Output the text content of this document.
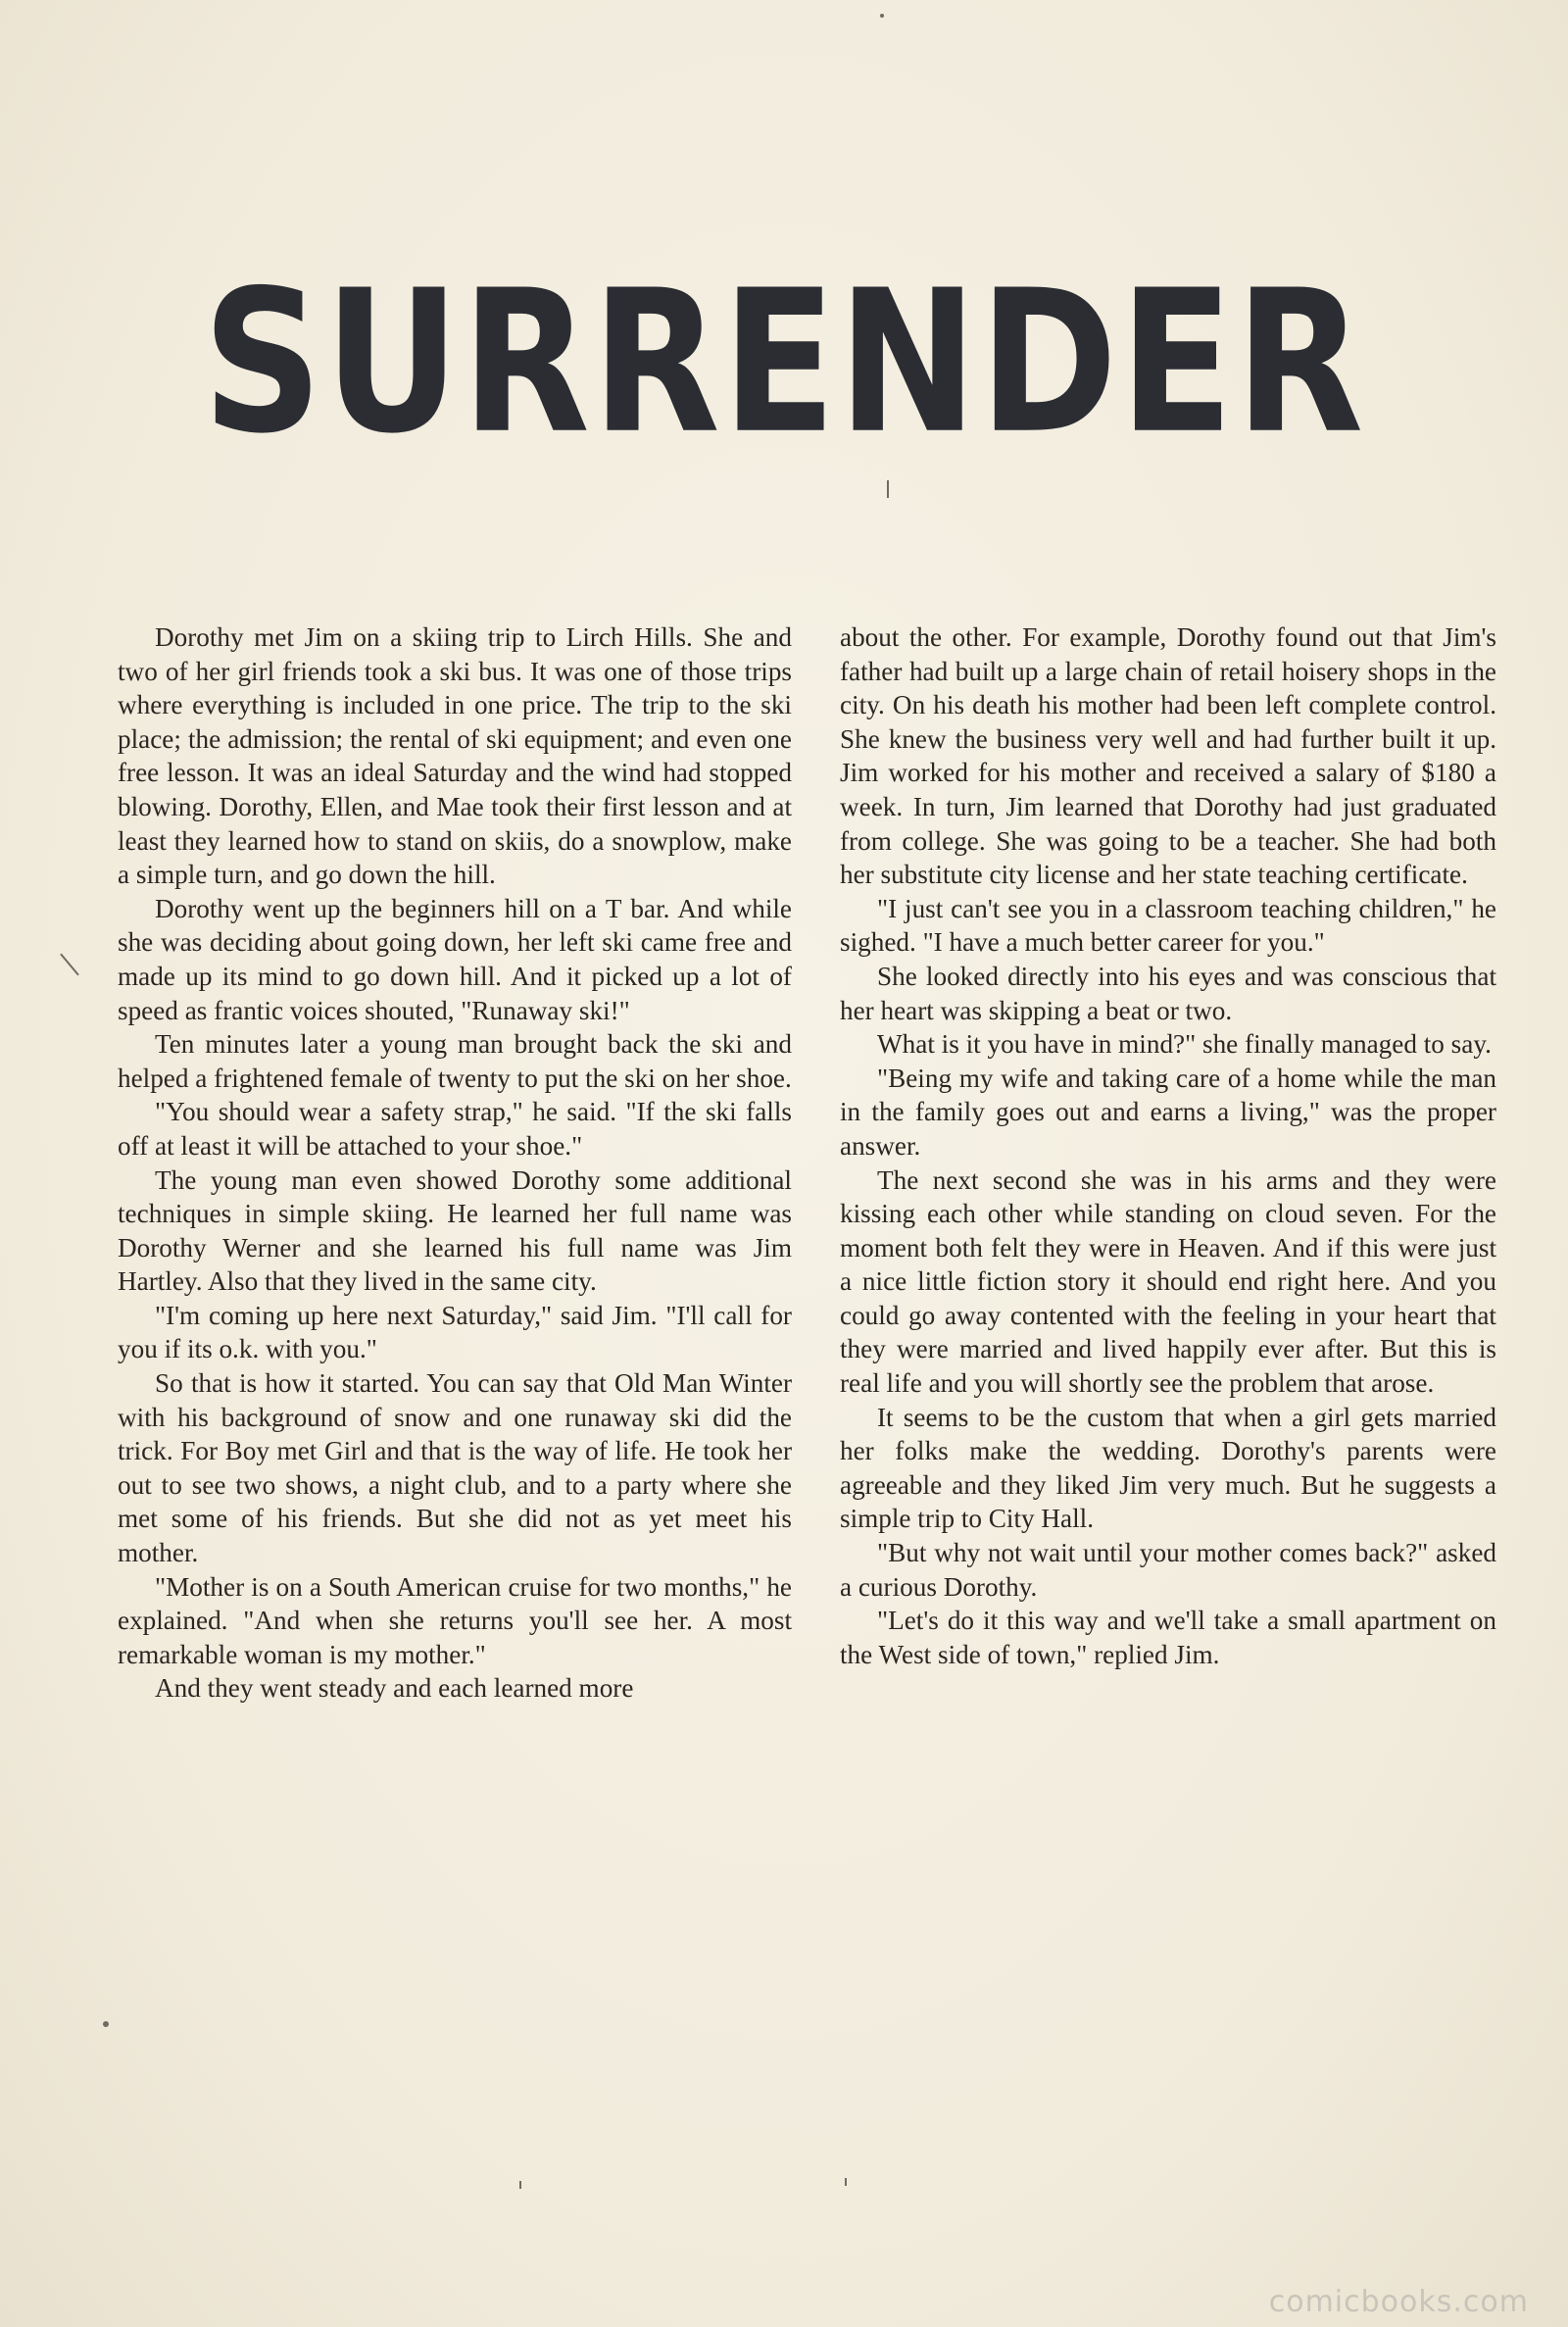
SURRENDER

Dorothy met Jim on a skiing trip to Lirch Hills. She and two of her girl friends took a ski bus. It was one of those trips where everything is included in one price. The trip to the ski place; the admission; the rental of ski equipment; and even one free lesson. It was an ideal Saturday and the wind had stopped blowing. Dorothy, Ellen, and Mae took their first lesson and at least they learned how to stand on skiis, do a snowplow, make a simple turn, and go down the hill.

Dorothy went up the beginners hill on a T bar. And while she was deciding about going down, her left ski came free and made up its mind to go down hill. And it picked up a lot of speed as frantic voices shouted, "Runaway ski!"

Ten minutes later a young man brought back the ski and helped a frightened female of twenty to put the ski on her shoe.

"You should wear a safety strap," he said. "If the ski falls off at least it will be attached to your shoe."

The young man even showed Dorothy some additional techniques in simple skiing. He learned her full name was Dorothy Werner and she learned his full name was Jim Hartley. Also that they lived in the same city.

"I'm coming up here next Saturday," said Jim. "I'll call for you if its o.k. with you."

So that is how it started. You can say that Old Man Winter with his background of snow and one runaway ski did the trick. For Boy met Girl and that is the way of life. He took her out to see two shows, a night club, and to a party where she met some of his friends. But she did not as yet meet his mother.

"Mother is on a South American cruise for two months," he explained. "And when she returns you'll see her. A most remarkable woman is my mother."

And they went steady and each learned more

about the other. For example, Dorothy found out that Jim's father had built up a large chain of retail hoisery shops in the city. On his death his mother had been left complete control. She knew the business very well and had further built it up. Jim worked for his mother and received a salary of $180 a week. In turn, Jim learned that Dorothy had just graduated from college. She was going to be a teacher. She had both her substitute city license and her state teaching certificate.

"I just can't see you in a classroom teaching children," he sighed. "I have a much better career for you."

She looked directly into his eyes and was conscious that her heart was skipping a beat or two.

What is it you have in mind?" she finally managed to say.

"Being my wife and taking care of a home while the man in the family goes out and earns a living," was the proper answer.

The next second she was in his arms and they were kissing each other while standing on cloud seven. For the moment both felt they were in Heaven. And if this were just a nice little fiction story it should end right here. And you could go away contented with the feeling in your heart that they were married and lived happily ever after. But this is real life and you will shortly see the problem that arose.

It seems to be the custom that when a girl gets married her folks make the wedding. Dorothy's parents were agreeable and they liked Jim very much. But he suggests a simple trip to City Hall.

"But why not wait until your mother comes back?" asked a curious Dorothy.

"Let's do it this way and we'll take a small apartment on the West side of town," replied Jim.

comicbooks.com
